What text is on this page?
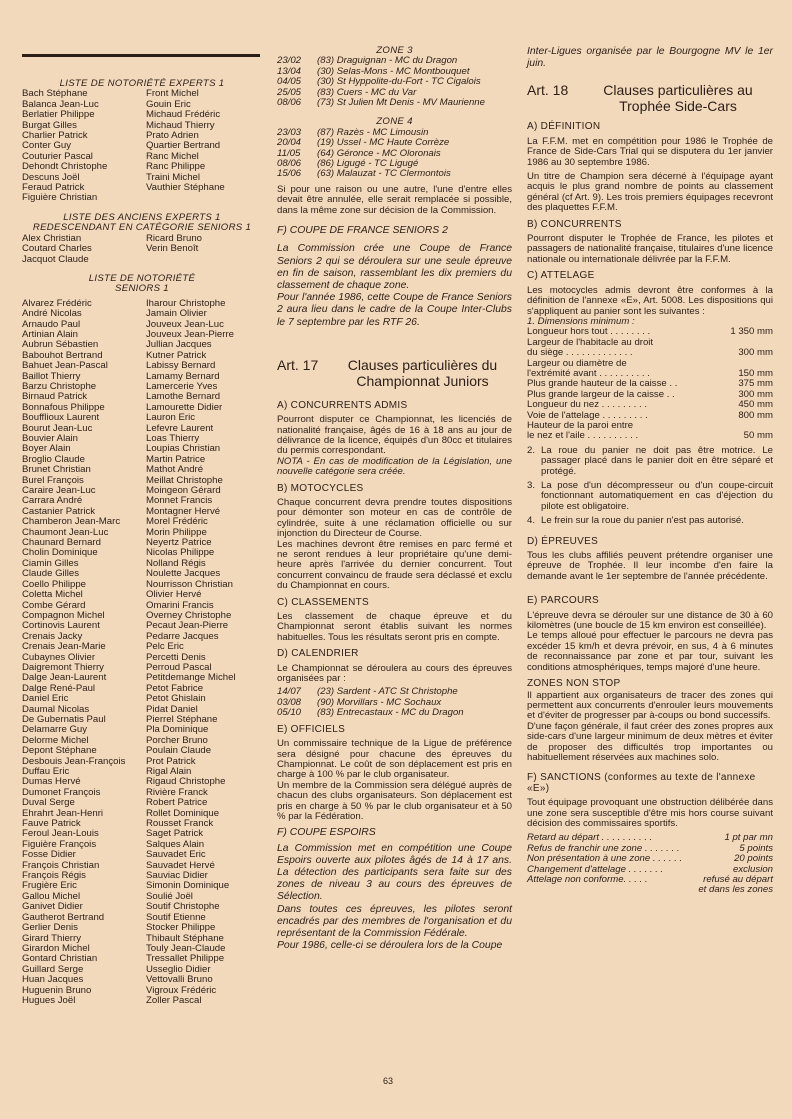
LISTE DE NOTORIÉTÉ EXPERTS 1
Bach Stéphane	Front Michel
Balanca Jean-Luc	Gouin Éric
Berlatier Philippe	Michaud Frédéric
Burgat Gilles	Michaud Thierry
Charlier Patrick	Prato Adrien
Conter Guy	Quartier Bertrand
Couturier Pascal	Ranc Michel
Dehondt Christophe	Ranc Philippe
Descuns Joël	Traini Michel
Feraud Patrick	Vauthier Stéphane
Figuière Christian
LISTE DES ANCIENS EXPERTS 1
REDESCENDANT EN CATÉGORIE SENIORS 1
Alex Christian	Ricard Bruno
Coutard Charles	Verin Benoît
Jacquot Claude
LISTE DE NOTORIÉTÉ
SENIORS 1
Alvarez Frédéric	Iharour Christophe
André Nicolas	Jamain Olivier
Arnaudo Paul	Jouveux Jean-Luc
Artinian Alain	Jouveux Jean-Pierre
Aubrun Sébastien	Jullian Jacques
Babouhot Bertrand	Kutner Patrick
Bahuet Jean-Pascal	Labissy Bernard
Baillot Thierry	Lamamy Bernard
Barzu Christophe	Lamercerie Yves
Birnaud Patrick	Lamothe Bernard
Bonnafous Philippe	Lamourette Didier
Boufflioux Laurent	Lauron Éric
Bourut Jean-Luc	Lefevre Laurent
Bouvier Alain	Loas Thierry
Boyer Alain	Loupias Christian
Broglio Claude	Martin Patrice
Brunet Christian	Mathot André
Burel François	Meillat Christophe
Caraire Jean-Luc	Moingeon Gérard
Carrara André	Monnet Francis
Castanier Patrick	Montagner Hervé
Chamberon Jean-Marc	Morel Frédéric
Chaumont Jean-Luc	Morin Philippe
Chaunard Bernard	Neyertz Patrice
Cholin Dominique	Nicolas Philippe
Ciamin Gilles	Nolland Régis
Claude Gilles	Noulette Jacques
Coello Philippe	Nourrisson Christian
Coletta Michel	Olivier Hervé
Combe Gérard	Omarini Francis
Compagnon Michel	Overney Christophe
Cortinovis Laurent	Pecaut Jean-Pierre
Crenais Jacky	Pedarre Jacques
Crenais Jean-Marie	Pelc Éric
Cubaynes Olivier	Percetti Denis
Daigremont Thierry	Perroud Pascal
Dalge Jean-Laurent	Petitdemange Michel
Dalge René-Paul	Petot Fabrice
Daniel Éric	Petot Ghislain
Daumal Nicolas	Pidat Daniel
De Gubernatis Paul	Pierrel Stéphane
Delamarre Guy	Pla Dominique
Delorme Michel	Porcher Bruno
Depont Stéphane	Poulain Claude
Desbouis Jean-François	Prot Patrick
Duffau Éric	Rigal Alain
Dumas Hervé	Rigaud Christophe
Dumonet François	Rivière Franck
Duval Serge	Robert Patrice
Ehrahrt Jean-Henri	Rollet Dominique
Fauve Patrick	Rousset Franck
Feroul Jean-Louis	Saget Patrick
Figuière François	Salques Alain
Fosse Didier	Sauvadet Éric
François Christian	Sauvadet Hervé
François Régis	Sauviac Didier
Frugière Éric	Simonin Dominique
Gallou Michel	Soulié Joël
Ganivet Didier	Soutif Christophe
Gautherot Bertrand	Soutif Étienne
Gerlier Denis	Stocker Philippe
Girard Thierry	Thibault Stéphane
Girardon Michel	Touly Jean-Claude
Gontard Christian	Tressallet Philippe
Guillard Serge	Usseglio Didier
Huan Jacques	Vettovalli Bruno
Huguenin Bruno	Vigroux Frédéric
Hugues Joël	Zoller Pascal
ZONE 3
23/02	(83) Draguignan - MC du Dragon
13/04	(30) Selas-Mons - MC Montbouquet
04/05	(30) St Hyppolite-du-Fort - TC Cigalois
25/05	(83) Cuers - MC du Var
08/06	(73) St Julien Mt Denis - MV Maurienne
ZONE 4
23/03	(87) Razès - MC Limousin
20/04	(19) Ussel - MC Haute Corrèze
11/05	(64) Géronce - MC Oloronais
08/06	(86) Ligugé - TC Ligugé
15/06	(63) Malauzat - TC Clermontois

Si pour une raison ou une autre, l'une d'entre elles devait être annulée, elle serait remplacée si possible, dans la même zone sur décision de la Commission.

F) COUPE DE FRANCE SENIORS 2

La Commission crée une Coupe de France Seniors 2 qui se déroulera sur une seule épreuve en fin de saison, rassemblant les dix premiers du classement de chaque zone.

Pour l'année 1986, cette Coupe de France Seniors 2 aura lieu dans le cadre de la Coupe Inter-Clubs le 7 septembre par les RTF 26.

Art. 17	Clauses particulières du Championnat Juniors
A) CONCURRENTS ADMIS

Pourront disputer ce Championnat, les licenciés de nationalité française, âgés de 16 à 18 ans au jour de délivrance de la licence, équipés d'un 80cc et titulaires du permis correspondant.

NOTA - En cas de modification de la Législation, une nouvelle catégorie sera créée.

B) MOTOCYCLES

Chaque concurrent devra prendre toutes dispositions pour démonter son moteur en cas de contrôle de cylindrée, suite à une réclamation officielle ou sur injonction du Directeur de Course.

Les machines devront être remises en parc fermé et ne seront rendues à leur propriétaire qu'une demi-heure après l'arrivée du dernier concurrent. Tout concurrent convaincu de fraude sera déclassé et exclu du Championnat en cours.

C) CLASSEMENTS

Les classement de chaque épreuve et du Championnat seront établis suivant les normes habituelles. Tous les résultats seront pris en compte.

D) CALENDRIER

Le Championnat se déroulera au cours des épreuves organisées par :

14/07	(23) Sardent - ATC St Christophe
03/08	(90) Morvillars - MC Sochaux
05/10	(83) Entrecastaux - MC du Dragon
E) OFFICIELS

Un commissaire technique de la Ligue de préférence sera désigné pour chacune des épreuves du Championnat. Le coût de son déplacement est pris en charge à 100 % par le club organisateur.

Un membre de la Commission sera délégué auprès de chacun des clubs organisateurs. Son déplacement est pris en charge à 50 % par le club organisateur et à 50 % par la Fédération.

F) COUPE ESPOIRS

La Commission met en compétition une Coupe Espoirs ouverte aux pilotes âgés de 14 à 17 ans. La détection des participants sera faite sur des zones de niveau 3 au cours des épreuves de Sélection.

Dans toutes ces épreuves, les pilotes seront encadrés par des membres de l'organisation et du représentant de la Commission Fédérale.

Pour 1986, celle-ci se déroulera lors de la Coupe

Inter-Ligues organisée par le Bourgogne MV le 1er juin.

Art. 18	Clauses particulières au Trophée Side-Cars
A) DÉFINITION

La F.F.M. met en compétition pour 1986 le Trophée de France de Side-Cars Trial qui se disputera du 1er janvier 1986 au 30 septembre 1986.

Un titre de Champion sera décerné à l'équipage ayant acquis le plus grand nombre de points au classement général (cf Art. 9). Les trois premiers équipages recevront des plaquettes F.F.M.

B) CONCURRENTS

Pourront disputer le Trophée de France, les pilotes et passagers de nationalité française, titulaires d'une licence nationale ou internationale délivrée par la F.F.M.

C) ATTELAGE

Les motocycles admis devront être conformes à la définition de l'annexe «E», Art. 5008. Les dispositions qui s'appliquent au panier sont les suivantes :

1. Dimensions minimum :
Longueur hors tout . . . . . . . .	1 350 mm
Largeur de l'habitacle au droit
du siège . . . . . . . . . . . . .	300 mm
Largeur ou diamètre de
l'extrémité avant . . . . . . . . . .	150 mm
Plus grande hauteur de la caisse . .	375 mm
Plus grande largeur de la caisse . .	300 mm
Longueur du nez . . . . . . . . .	450 mm
Voie de l'attelage . . . . . . . . .	800 mm
Hauteur de la paroi entre
le nez et l'aile . . . . . . . . . .	50 mm
2. La roue du panier ne doit pas être motrice. Le passager placé dans le panier doit en être séparé et protégé.
3. La pose d'un décompresseur ou d'un coupe-circuit fonctionnant automatiquement en cas d'éjection du pilote est obligatoire.
4. Le frein sur la roue du panier n'est pas autorisé.
D) ÉPREUVES

Tous les clubs affiliés peuvent prétendre organiser une épreuve de Trophée. Il leur incombe d'en faire la demande avant le 1er septembre de l'année précédente.

E) PARCOURS

L'épreuve devra se dérouler sur une distance de 30 à 60 kilomètres (une boucle de 15 km environ est conseillée).

Le temps alloué pour effectuer le parcours ne devra pas excéder 15 km/h et devra prévoir, en sus, 4 à 6 minutes de reconnaissance par zone et par tour, suivant les conditions atmosphériques, temps majoré d'une heure.

ZONES NON STOP

Il appartient aux organisateurs de tracer des zones qui permettent aux concurrents d'enrouler leurs mouvements et d'éviter de progresser par à-coups ou bond successifs.

D'une façon générale, il faut créer des zones propres aux side-cars d'une largeur minimum de deux mètres et éviter de proposer des difficultés trop importantes ou habituellement réservées aux machines solo.

F) SANCTIONS (conformes au texte de l'annexe «E»)

Tout équipage provoquant une obstruction délibérée dans une zone sera susceptible d'être mis hors course suivant décision des commissaires sportifs.

Retard au départ . . . . . . . . . .	1 pt par mn
Refus de franchir une zone . . . . . . .	5 points
Non présentation à une zone . . . . . .	20 points
Changement d'attelage . . . . . . .	exclusion
Attelage non conforme. . . . .	refusé au départ
et dans les zones
63
